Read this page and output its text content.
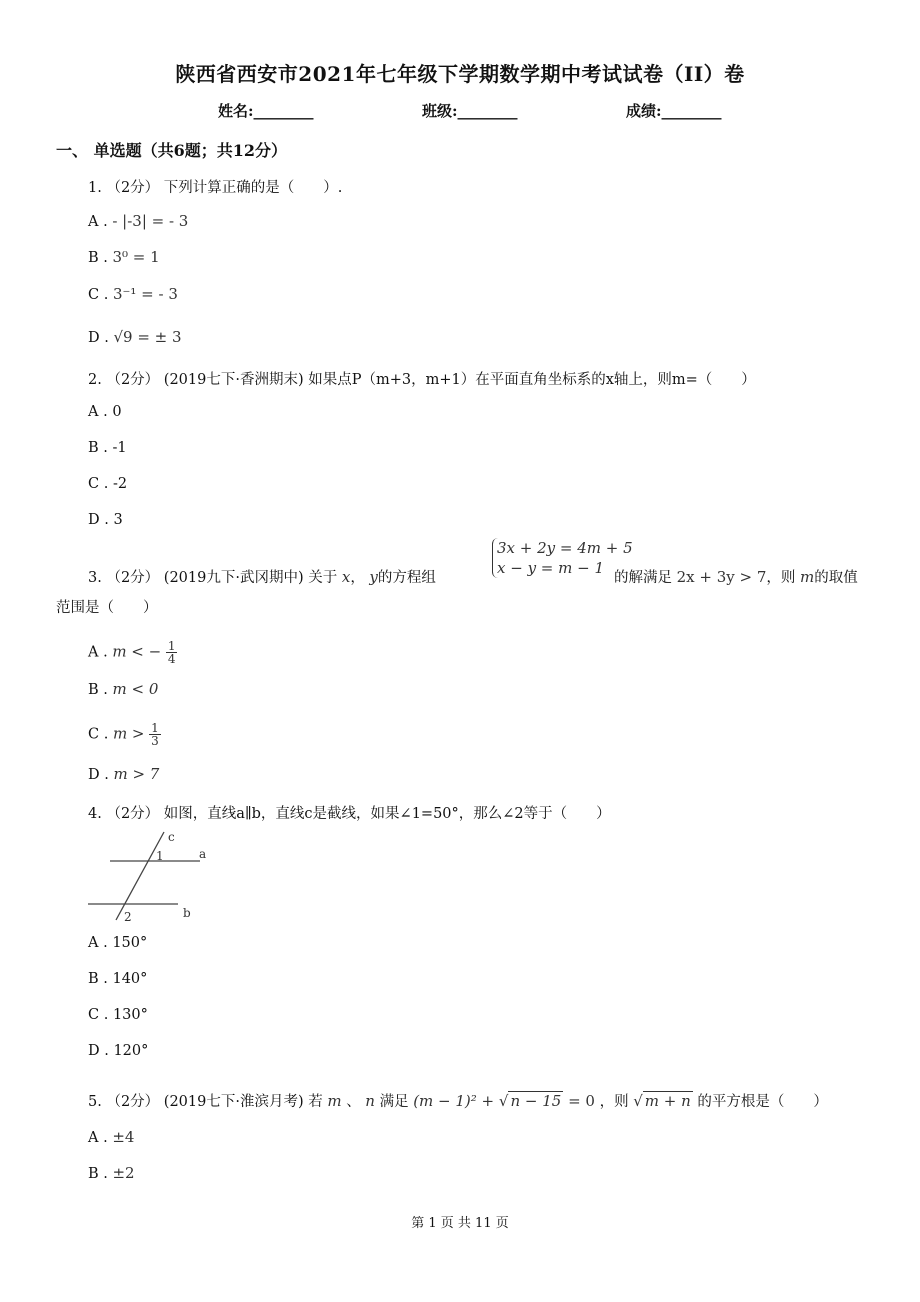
陕西省西安市2021年七年级下学期数学期中考试试卷（II）卷
姓名:________	班级:________	成绩:________
一、 单选题（共6题；共12分）
1. （2分） 下列计算正确的是（　　）.
A . - |-3| = - 3
B . 3⁰ = 1
C . 3⁻¹ = - 3
D . √9 = ± 3
2. （2分） (2019七下·香洲期末) 如果点P（m+3，m+1）在平面直角坐标系的x轴上，则m=（　　）
A . 0
B . -1
C . -2
D . 3
3. （2分） (2019九下·武冈期中) 关于 x， y的方程组
3x + 2y = 4m + 5
x − y = m − 1
的解满足 2x + 3y > 7，则 m的取值
范围是（　　）
A . m < − $\frac{1}{4}$
B . m < 0
C . $m > \frac{1}{3}$
D . m > 7
4. （2分） 如图，直线a∥b，直线c是截线，如果∠1=50°，那么∠2等于（　　）
c
a
b
1
2
A . 150°
B . 140°
C . 130°
D . 120°
5. （2分） (2019七下·淮滨月考) 若 m 、 n 满足 (m − 1)² + √ n − 15 = 0 ，则 √ m + n 的平方根是（　　）
A . ±4
B . ±2
第 1 页 共 11 页
